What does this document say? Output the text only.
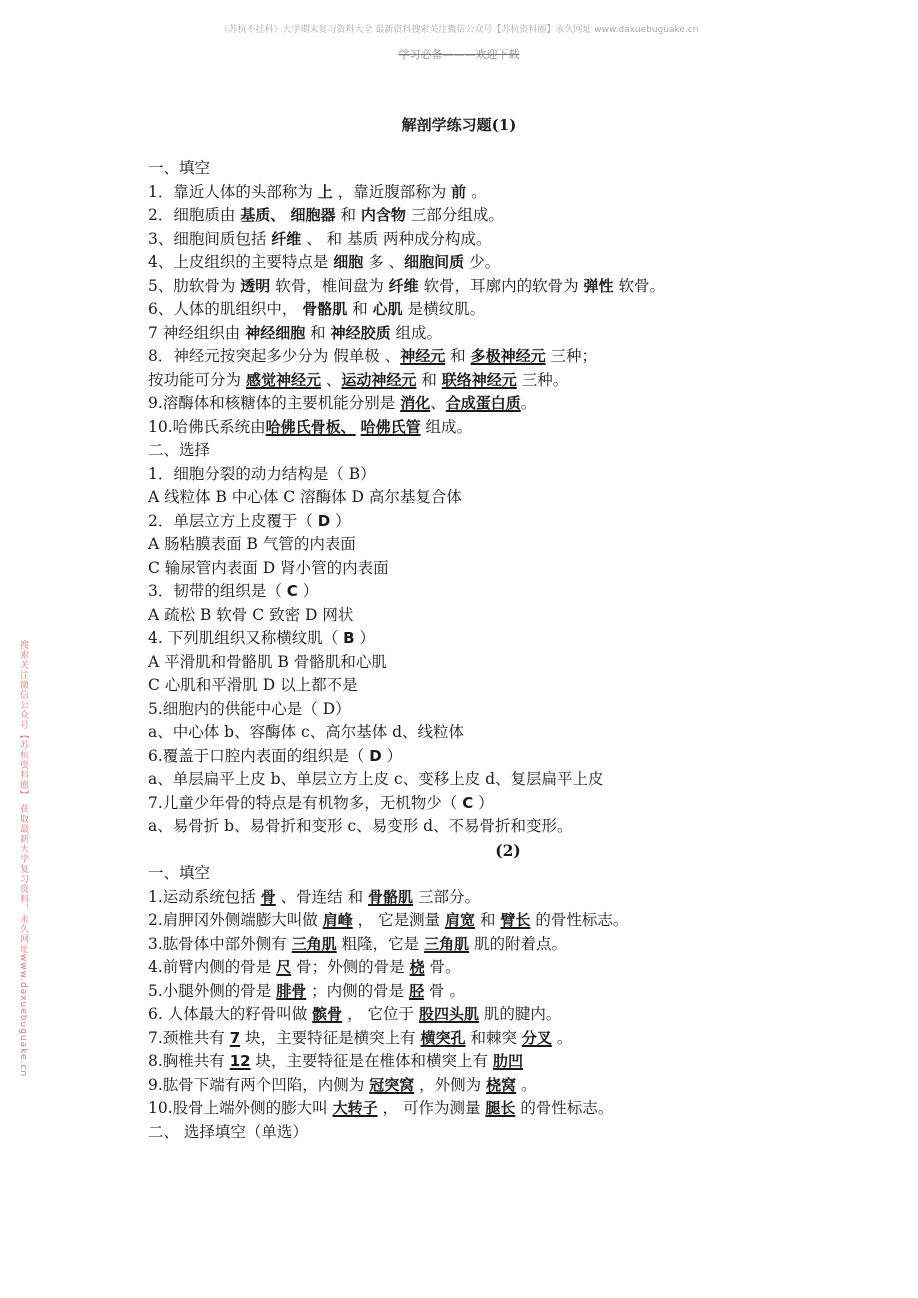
《苏杭不挂科》大学期末复习资料大全 最新资料搜索关注微信公众号【苏杭资料圈】永久网址 www.daxuebuguake.cn
学习必备———欢迎下载
搜索关注微信公众号【苏杭资料圈】 获取最新大学复习资料，永久网址www.daxuebuguake.cn
解剖学练习题(1)
一、填空
1．靠近人体的头部称为 上 ，靠近腹部称为 前 。
2．细胞质由 基质、 细胞器 和 内含物 三部分组成。
3、细胞间质包括 纤维 、 和 基质 两种成分构成。
4、上皮组织的主要特点是 细胞 多 、细胞间质 少。
5、肋软骨为 透明 软骨，椎间盘为 纤维 软骨，耳廓内的软骨为 弹性 软骨。
6、人体的肌组织中， 骨骼肌 和 心肌 是横纹肌。
7 神经组织由 神经细胞 和 神经胶质 组成。
8．神经元按突起多少分为 假单极 、神经元 和 多极神经元 三种；
按功能可分为 感觉神经元 、运动神经元 和 联络神经元 三种。
9.溶酶体和核糖体的主要机能分别是 消化、合成蛋白质。
10.哈佛氏系统由哈佛氏骨板、 哈佛氏管 组成。
二、选择
1．细胞分裂的动力结构是（ B）
A 线粒体 B 中心体 C 溶酶体 D 高尔基复合体
2．单层立方上皮覆于（ D ）
A 肠粘膜表面 B 气管的内表面
C 输尿管内表面 D 肾小管的内表面
3．韧带的组织是（ C ）
A 疏松 B 软骨 C 致密 D 网状
4. 下列肌组织又称横纹肌（ B ）
A 平滑肌和骨骼肌 B 骨骼肌和心肌
C 心肌和平滑肌 D 以上都不是
5.细胞内的供能中心是（ D）
a、中心体 b、容酶体 c、高尔基体 d、线粒体
6.覆盖于口腔内表面的组织是（ D ）
a、单层扁平上皮 b、单层立方上皮 c、变移上皮 d、复层扁平上皮
7.儿童少年骨的特点是有机物多，无机物少（ C ）
a、易骨折 b、易骨折和变形 c、易变形 d、不易骨折和变形。
(2)
一、填空
1.运动系统包括 骨 、骨连结 和 骨骼肌 三部分。
2.肩胛冈外侧端膨大叫做 肩峰 ， 它是测量 肩宽 和 臂长 的骨性标志。
3.肱骨体中部外侧有 三角肌 粗隆，它是 三角肌 肌的附着点。
4.前臂内侧的骨是 尺 骨；外侧的骨是 桡 骨。
5.小腿外侧的骨是 腓骨 ；内侧的骨是 胫 骨 。
6. 人体最大的籽骨叫做 髌骨 ， 它位于 股四头肌 肌的腱内。
7.颈椎共有 7 块，主要特征是横突上有 横突孔 和棘突 分叉 。
8.胸椎共有 12 块，主要特征是在椎体和横突上有 肋凹
9.肱骨下端有两个凹陷，内侧为 冠突窝 ，外侧为 桡窝 。
10.股骨上端外侧的膨大叫 大转子 ， 可作为测量 腿长 的骨性标志。
二、 选择填空（单选）
